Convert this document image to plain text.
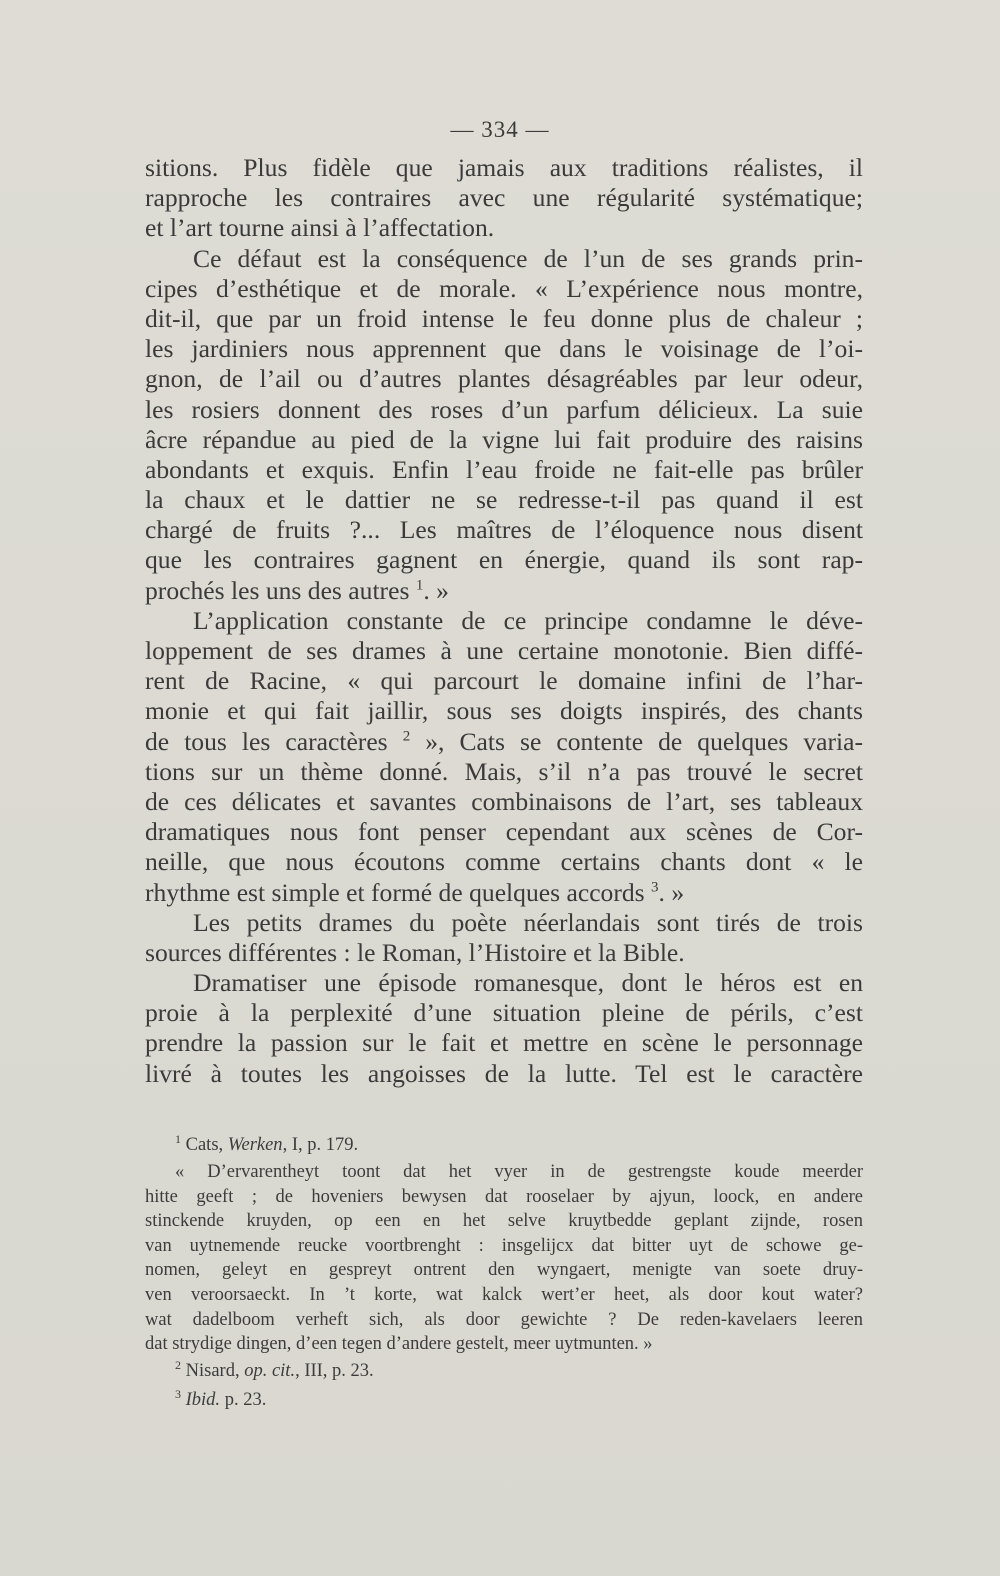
— 334 —
sitions. Plus fidèle que jamais aux traditions réalistes, il
rapproche les contraires avec une régularité systématique;
et l’art tourne ainsi à l’affectation.
Ce défaut est la conséquence de l’un de ses grands prin-
cipes d’esthétique et de morale. « L’expérience nous montre,
dit-il, que par un froid intense le feu donne plus de chaleur ;
les jardiniers nous apprennent que dans le voisinage de l’oi-
gnon, de l’ail ou d’autres plantes désagréables par leur odeur,
les rosiers donnent des roses d’un parfum délicieux. La suie
âcre répandue au pied de la vigne lui fait produire des raisins
abondants et exquis. Enfin l’eau froide ne fait-elle pas brûler
la chaux et le dattier ne se redresse-t-il pas quand il est
chargé de fruits ?... Les maîtres de l’éloquence nous disent
que les contraires gagnent en énergie, quand ils sont rap-
prochés les uns des autres $^1$. »
L’application constante de ce principe condamne le déve-
loppement de ses drames à une certaine monotonie. Bien diffé-
rent de Racine, « qui parcourt le domaine infini de l’har-
monie et qui fait jaillir, sous ses doigts inspirés, des chants
de tous les caractères $^2$ », Cats se contente de quelques varia-
tions sur un thème donné. Mais, s’il n’a pas trouvé le secret
de ces délicates et savantes combinaisons de l’art, ses tableaux
dramatiques nous font penser cependant aux scènes de Cor-
neille, que nous écoutons comme certains chants dont « le
rhythme est simple et formé de quelques accords $^3$. »
Les petits drames du poète néerlandais sont tirés de trois
sources différentes : le Roman, l’Histoire et la Bible.
Dramatiser une épisode romanesque, dont le héros est en
proie à la perplexité d’une situation pleine de périls, c’est
prendre la passion sur le fait et mettre en scène le personnage
livré à toutes les angoisses de la lutte. Tel est le caractère
$^1$ Cats, Werken, I, p. 179.
« D’ervarentheyt toont dat het vyer in de gestrengste koude meerder
hitte geeft ; de hoveniers bewysen dat rooselaer by ajyun, loock, en andere
stinckende kruyden, op een en het selve kruytbedde geplant zijnde, rosen
van uytnemende reucke voortbrenght : insgelijcx dat bitter uyt de schowe ge-
nomen, geleyt en gespreyt ontrent den wyngaert, menigte van soete druy-
ven veroorsaeckt. In ’t korte, wat kalck wert’er heet, als door kout water?
wat dadelboom verheft sich, als door gewichte ? De reden-kavelaers leeren
dat strydige dingen, d’een tegen d’andere gestelt, meer uytmunten. »
$^2$ Nisard, op. cit., III, p. 23.
$^3$ Ibid. p. 23.
